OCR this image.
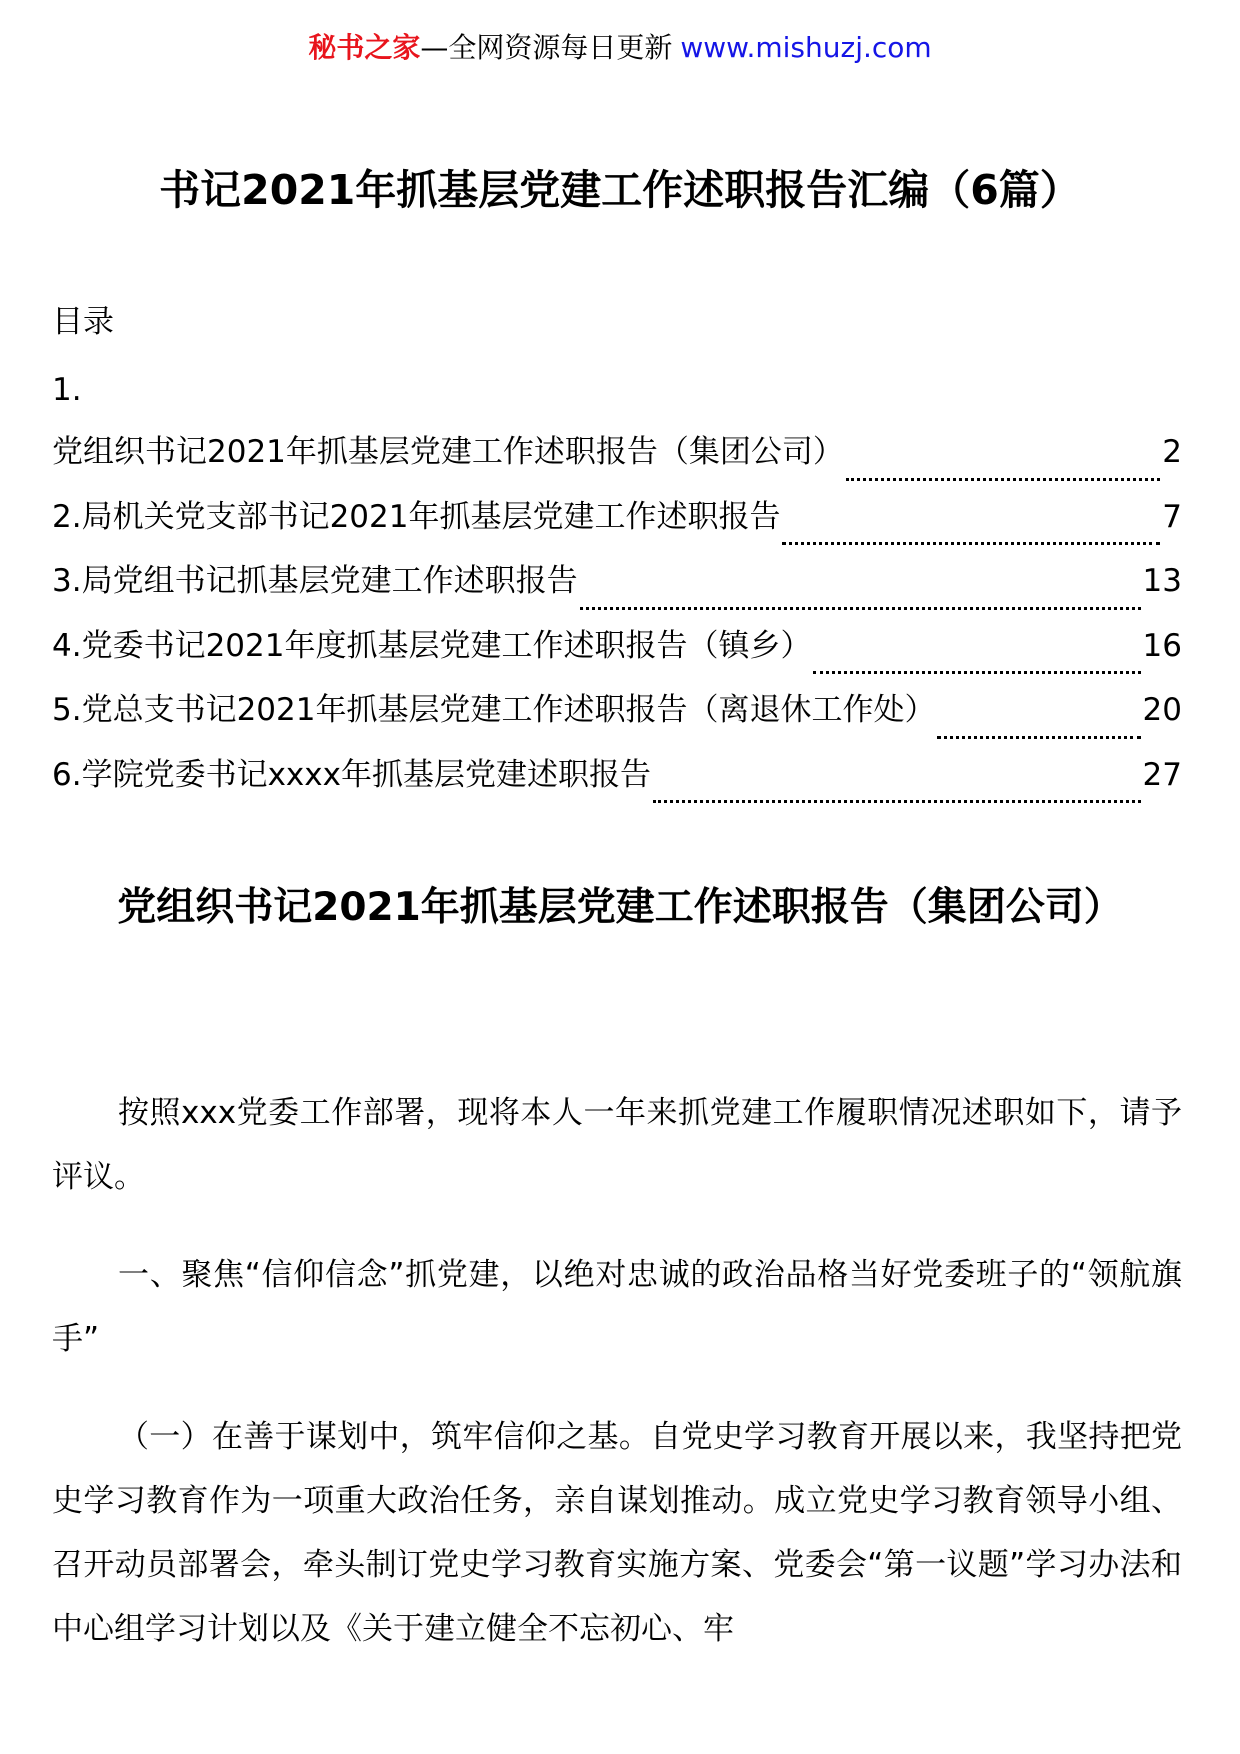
秘书之家—全网资源每日更新 www.mishuzj.com
书记2021年抓基层党建工作述职报告汇编（6篇）
目录
1.
党组织书记2021年抓基层党建工作述职报告（集团公司）	2
2.局机关党支部书记2021年抓基层党建工作述职报告	7
3.局党组书记抓基层党建工作述职报告	13
4.党委书记2021年度抓基层党建工作述职报告（镇乡）	16
5.党总支书记2021年抓基层党建工作述职报告（离退休工作处）	20
6.学院党委书记xxxx年抓基层党建述职报告	27
党组织书记2021年抓基层党建工作述职报告（集团公司）

按照xxx党委工作部署，现将本人一年来抓党建工作履职情况述职如下，请予评议。

一、聚焦“信仰信念”抓党建，以绝对忠诚的政治品格当好党委班子的“领航旗手”

（一）在善于谋划中，筑牢信仰之基。自党史学习教育开展以来，我坚持把党史学习教育作为一项重大政治任务，亲自谋划推动。成立党史学习教育领导小组、召开动员部署会，牵头制订党史学习教育实施方案、党委会“第一议题”学习办法和中心组学习计划以及《关于建立健全不忘初心、牢
